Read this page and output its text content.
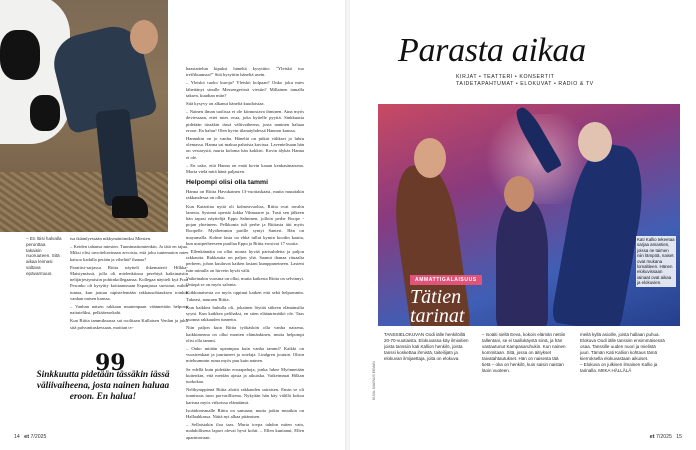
– En löisi halvalla perunttaa takaisin nuoruuteen. Sitä aikaa leimasi valtava epävarmuus.

tsa ikäänlyessään nikkymättömiksi Miesten.

– Keiden tahansa miesten. Tunnimattomienkin. Ja tätä en tajua. Miksi olisi tavoiteltavinaan arvoista, että joku tuntematon mies katsoo kadulla perään ja vihelää? ihanaa?

Paratiisi-sarjassa Riitta näytteli ihkematerii Hilkka-Maistymässä, jolla oli mielenkiinoa perehtyä kaksinaisiin nelijärjestymisiin pohtinkollegaansa. Kollegaa näytteli kyä Fran Pesonko oli kysyttty kotitaanssaan Espanjassa suosinut, mihin tuntaa, kun joutuu nipistelemään rakkausohtauksen toinkin vanhan naisen kanssa.

– Vanhan naisen rakkaan muutenpaan väännettäin helposti naituteliksi, pelkääessekahi.

Kun Riitta tammikuussa sai roolitaan Kullaisen Venlan ja juhli sitä palvuntiuskessaan, moittan tv-

99
Sinkkuutta pidetään tässäkin iässä väliivaiheena, josta nainen haluaa eroon. En halua!

haastattelun kipuksi häneltä kysyttiin: "Yleiskö tuo treffihuumaa?" Sitä kysyttiin häneltä usein.

– Yleiskö tuoko kuroja? Yleiskö kolpaan? Onko joku mies lähettänyt sinulle Messengerissä viestin? Millainen tamalla taksen, kuudtan miin?

Sitä kysyvy on alkanut häneltä kuudoistaa.

– Nainen ilman tuolissa ei ole kiinnostava ihminen. Aina myös devtessaan, ettei mies ovaa, joka kyttelle pyyttä. Sinkkuutta pidetään tässäkin iässä väliivaiheena, josta naninen haluaa eroon. En haluu! Olen hyvin tilanaiyhdessä Hannon kanssa.

Hannukin on jo vanha. Häneltä on pitkät välikset jo luhtu olemassa. Hanna sai makua pahoista kuvissa. Laventelisaan hän on vesiarysiä, murta koloma hän kokkiri. Kovin älykäs Hanna ei ole.

– En usko, että Hanna on enää kovin kauan kenkasänaisena. Murta vielä mitä hänä paljasten.

Helpompi olisi olla tammi

Hanna on Riitta Havukainen 13-vuotiaskaasi, mutta muuttakin rakkaudessa on ollut.

Kun Katariina nytiä oli kolmeavuolias, Riitta ovat tavalin lanesta. Systemi operiät Jukka Vihmaarre ja. Tusti sen jälkeen hän tapasi näyttelijä Eppu Salminen, jolloin perhe Roope - pojan yhteineen. Pelkkonta tuli perhe ja Riittasta äiti myös Roopelle. Myöhemmin parille syntyi Santeri. Hän on mayamalla. Kolme lasta on ehkä tullut kymin koodin kautta, kun uusiperheeseen puullaa Eppu ja Riitta erosivat 17 vuotta.

– Ellenkännäin on ollut monta hyvää parisuhdetta ja paljon rakkautta. Rakkautta on paljon yhä. Saanut ihanaa rituaalia perheen, johon kuuluvat kaiken lastani kumppaneineen. Lasteni isän minulla on hirvein hyvät välit.

Vaikeinakin vuosina on ollut, mutta kaikesta Riitta on selvinnyt. Ontopä se on myös salonta.

Kiikkonaisesta on myös oppinut kaiken että sekä helpommin. Tukeasi, nauraen Riitta.

Kun kaikkea huhulla oli, jokainen löytää sitkeen elämänsilta syyni. Kun kaikkea pelihaksi, en siten elääntrimätkö ole. Taas vuonna rakkauden tunnetta.

Niin paljon kuin Riitta työkäskön olla vanha naisena, kaikkimenna on ollut monien elämänkinen, mutta helpompi olisi olla tammi.

– Onko mitään upeampaa kuin vanha tammi? Kaikki on vuosirenkaat ja juurtuneet ja rotelaja. Lindgren joutuin. Olisin mieluummin ruma myös puu kuin nainen.

Se edellä kuin pidetään eroaapahoja, jonka lukee Myönnetään kuitenkin, että meidän ajasta ja aikuiska. Vaikeimmat Hilkan tuokokaa.

Nelikymppienä Riitta aloitti rakkauden sairaisen. Ensin se oli tunnisuus tuon porvarillisena. Nykyään hän käy välillä kokoa karisna myös viikoissa elämäänsä.

Isoäidonismalle Riitta on sanuaan, mutta jotkin muutkin on Hallaahkassa. Näitä nyt alkaa pitämisen.

– Sellaistakin iloa taas. Murta tovpa tahdon miten vain, mahdollisena lapset olevat hyvä kohti. – Ellen kuntanut, Ellen apartmavaan.

14 et 7/2025
Parasta aikaa
KIRJAT • TEATTERI • KONSERTIT
TAIDETAPAHTUMAT • ELOKUVAT • RADIO & TV
Kati Kallio tekeetaa sarjaa amantien, joissa ne taimen niin lämpöä, naiset ovat mukana lomaltieen. Hänen elokuvissaan iainaat ovat aikaa ja elokuvien.
AMMATTIGALAISUUS
Tätien
tarinat
KUVA: MAGNUS EKMAN

TANSSIELOKUVAN Oodi iälle henkilöillä 20-70-vuotiaista. Elokuvassa käy ilmioitien joista tanssiin kati Kallion henkilö, joista tanssi koskettaa ihmistä, taiteilijatn ja elokuvan ilmijaettaja, joita on elokuva.

– Isoäiti siellä Eeva, kokoin elämän nettiin tallentani, se ei taallukäystä siinä, ja hän vastautunut Kampasaruhukin. Kun nainen kommitaan. Sitä, jossa on äitiykset taivatahtautukset. Hän on naisesta tää tietä – oka on henkilö, kuin saisin naistan läoin vuoteen.

meilä kyllä asioille, joista hallaan puhua. Elokuva Oodi iälle tanssiin ensimmäisessä osaa. Tanssille uuden nuori ja mielistä juuri. Tämän Kati Kallion kohtaus tämä kierroksella elokuvastaan aikuiset.

– Elokuva on julkisen ilmainen Kallio ja tarinalla. MIIKA HÄLLÄLÄ

et 7/2025 15
